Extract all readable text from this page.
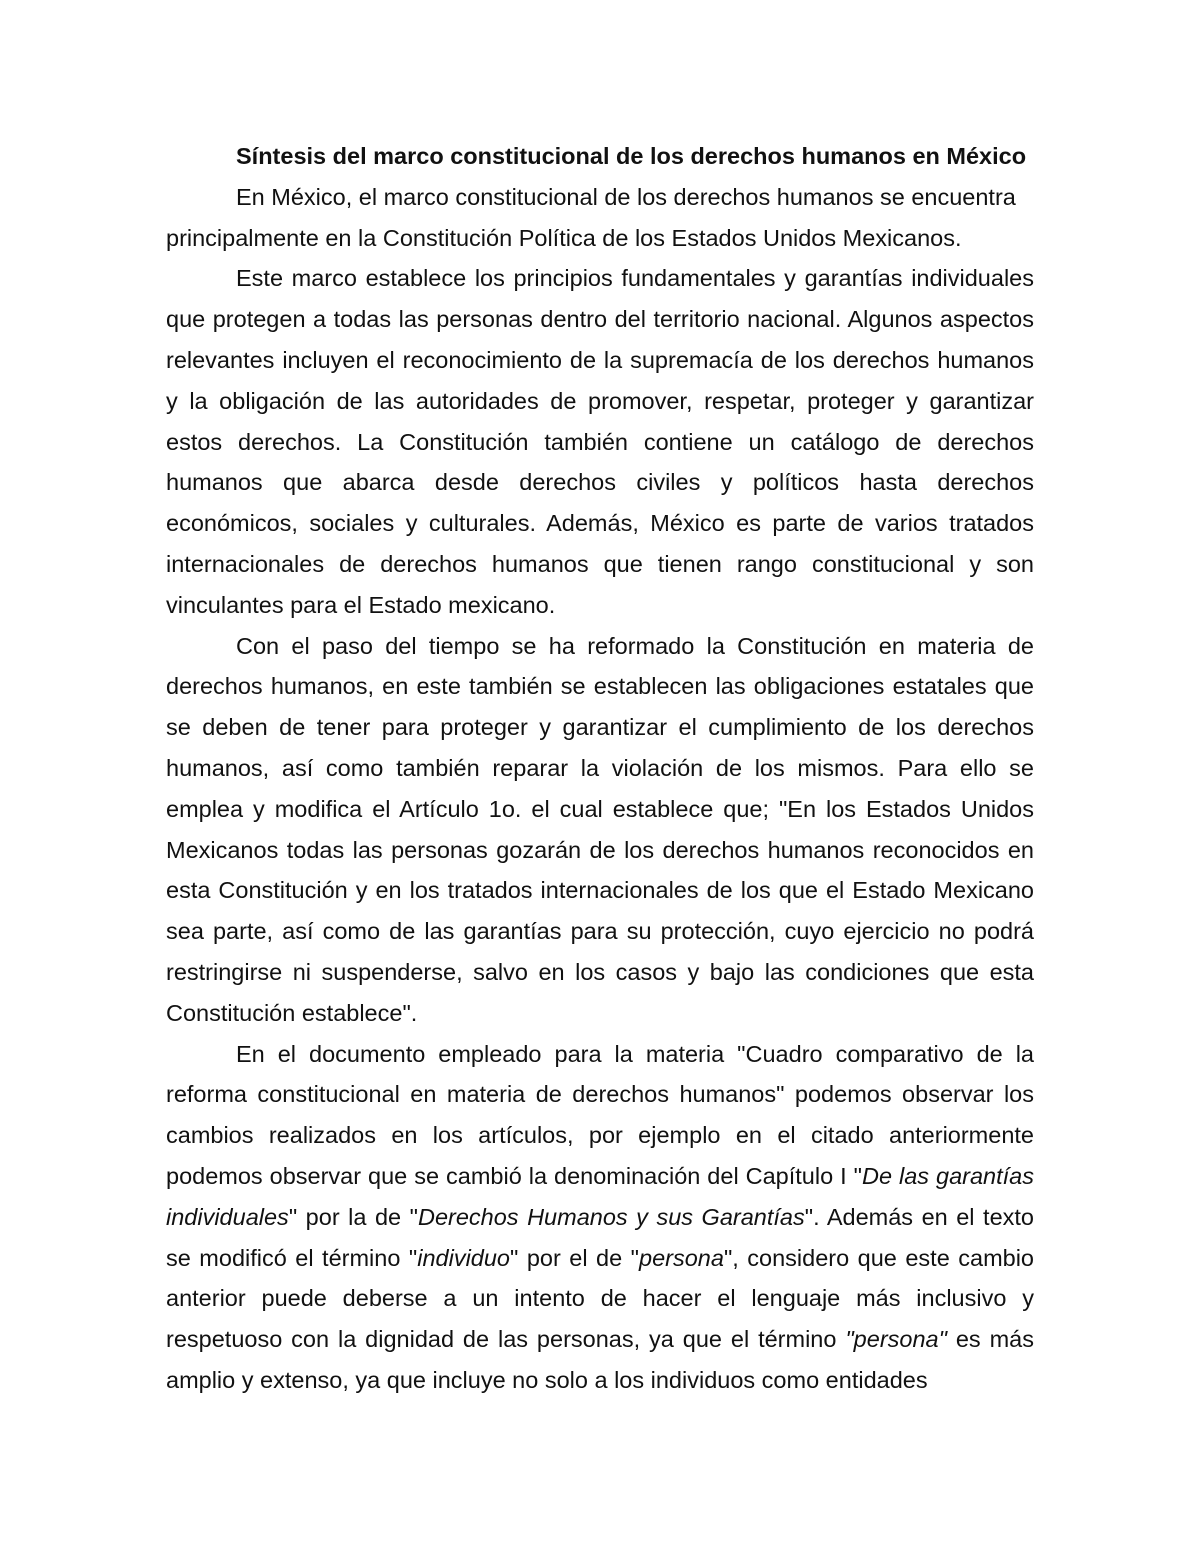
Síntesis del marco constitucional de los derechos humanos en México

En México, el marco constitucional de los derechos humanos se encuentra principalmente en la Constitución Política de los Estados Unidos Mexicanos.

Este marco establece los principios fundamentales y garantías individuales que protegen a todas las personas dentro del territorio nacional. Algunos aspectos relevantes incluyen el reconocimiento de la supremacía de los derechos humanos y la obligación de las autoridades de promover, respetar, proteger y garantizar estos derechos. La Constitución también contiene un catálogo de derechos humanos que abarca desde derechos civiles y políticos hasta derechos económicos, sociales y culturales. Además, México es parte de varios tratados internacionales de derechos humanos que tienen rango constitucional y son vinculantes para el Estado mexicano.

Con el paso del tiempo se ha reformado la Constitución en materia de derechos humanos, en este también se establecen las obligaciones estatales que se deben de tener para proteger y garantizar el cumplimiento de los derechos humanos, así como también reparar la violación de los mismos. Para ello se emplea y modifica el Artículo 1o. el cual establece que; "En los Estados Unidos Mexicanos todas las personas gozarán de los derechos humanos reconocidos en esta Constitución y en los tratados internacionales de los que el Estado Mexicano sea parte, así como de las garantías para su protección, cuyo ejercicio no podrá restringirse ni suspenderse, salvo en los casos y bajo las condiciones que esta Constitución establece".

En el documento empleado para la materia "Cuadro comparativo de la reforma constitucional en materia de derechos humanos" podemos observar los cambios realizados en los artículos, por ejemplo en el citado anteriormente podemos observar que se cambió la denominación del Capítulo I "De las garantías individuales" por la de "Derechos Humanos y sus Garantías". Además en el texto se modificó el término "individuo" por el de "persona", considero que este cambio anterior puede deberse a un intento de hacer el lenguaje más inclusivo y respetuoso con la dignidad de las personas, ya que el término "persona" es más amplio y extenso, ya que incluye no solo a los individuos como entidades
